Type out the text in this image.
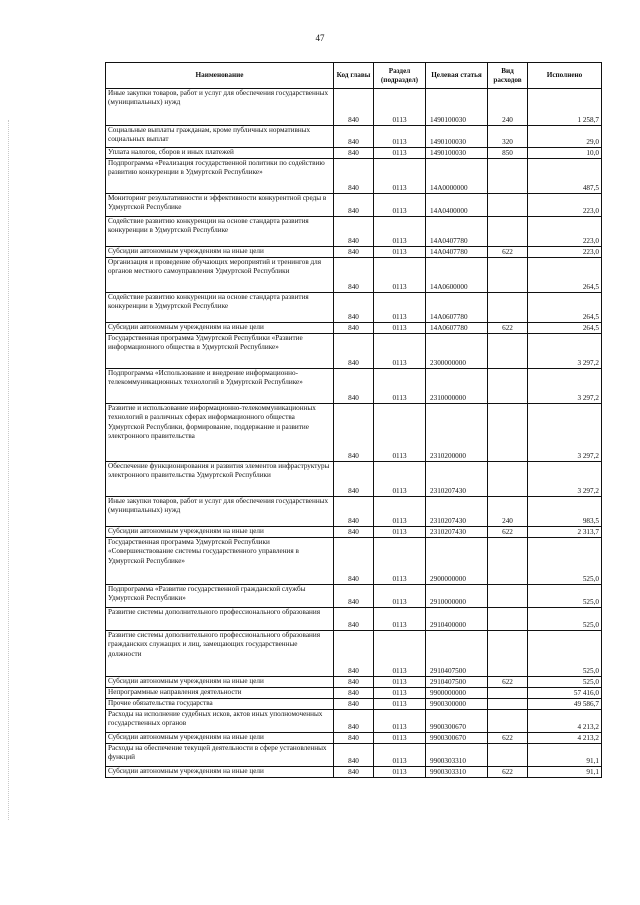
47
Наименование	Код главы	Раздел (подраздел)	Целевая статья	Вид расходов	Исполнено
Иные закупки товаров, работ и услуг для обеспечения государственных (муниципальных) нужд	840	0113	1490100030	240	1 258,7
Социальные выплаты гражданам, кроме публичных нормативных социальных выплат	840	0113	1490100030	320	29,0
Уплата налогов, сборов и иных платежей	840	0113	1490100030	850	10,0
Подпрограмма «Реализация государственной политики по содействию развитию конкуренции в Удмуртской Республике»	840	0113	14A0000000		487,5
Мониторинг результативности и эффективности конкурентной среды в Удмуртской Республике	840	0113	14A0400000		223,0
Содействие развитию конкуренции на основе стандарта развития конкуренции в Удмуртской Республике	840	0113	14A0407780		223,0
Субсидии автономным учреждениям на иные цели	840	0113	14A0407780	622	223,0
Организация и проведение обучающих мероприятий и тренингов для органов местного самоуправления Удмуртской Республики	840	0113	14A0600000		264,5
Содействие развитию конкуренции на основе стандарта развития конкуренции в Удмуртской Республике	840	0113	14A0607780		264,5
Субсидии автономным учреждениям на иные цели	840	0113	14A0607780	622	264,5
Государственная программа Удмуртской Республики «Развитие информационного общества в Удмуртской Республике»	840	0113	2300000000		3 297,2
Подпрограмма «Использование и внедрение информационно-телекоммуникационных технологий в Удмуртской Республике»	840	0113	2310000000		3 297,2
Развитие и использование информационно-телекоммуникационных технологий в различных сферах информационного общества Удмуртской Республики, формирование, поддержание и развитие электронного правительства	840	0113	2310200000		3 297,2
Обеспечение функционирования и развития элементов инфраструктуры электронного правительства Удмуртской Республики	840	0113	2310207430		3 297,2
Иные закупки товаров, работ и услуг для обеспечения государственных (муниципальных) нужд	840	0113	2310207430	240	983,5
Субсидии автономным учреждениям на иные цели	840	0113	2310207430	622	2 313,7
Государственная программа Удмуртской Республики «Совершенствование системы государственного управления в Удмуртской Республике»	840	0113	2900000000		525,0
Подпрограмма «Развитие государственной гражданской службы Удмуртской Республики»	840	0113	2910000000		525,0
Развитие системы дополнительного профессионального образования	840	0113	2910400000		525,0
Развитие системы дополнительного профессионального образования гражданских служащих и лиц, замещающих государственные должности	840	0113	2910407500		525,0
Субсидии автономным учреждениям на иные цели	840	0113	2910407500	622	525,0
Непрограммные направления деятельности	840	0113	9900000000		57 416,0
Прочие обязательства государства	840	0113	9900300000		49 586,7
Расходы на исполнение судебных исков, актов иных уполномоченных государственных органов	840	0113	9900300670		4 213,2
Субсидии автономным учреждениям на иные цели	840	0113	9900300670	622	4 213,2
Расходы на обеспечение текущей деятельности в сфере установленных функций	840	0113	9900303310		91,1
Субсидии автономным учреждениям на иные цели	840	0113	9900303310	622	91,1
